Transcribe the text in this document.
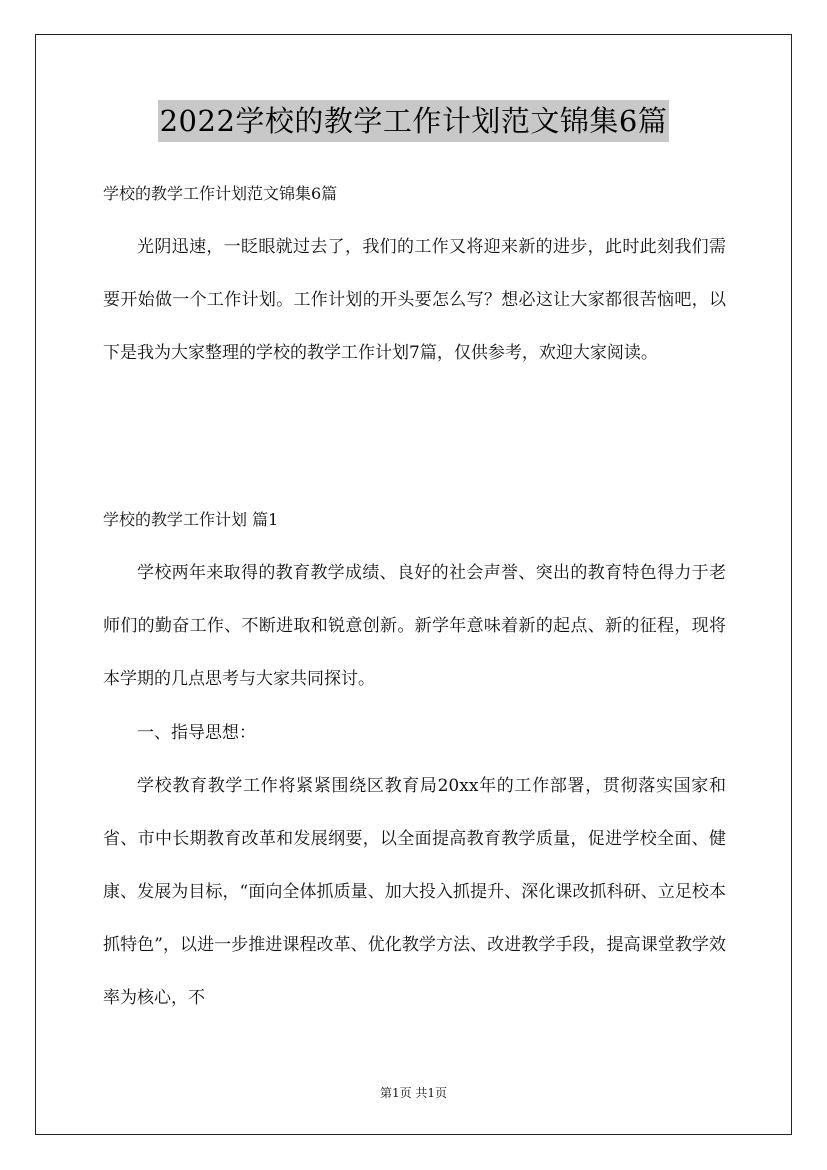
2022学校的教学工作计划范文锦集6篇
学校的教学工作计划范文锦集6篇

光阴迅速，一眨眼就过去了，我们的工作又将迎来新的进步，此时此刻我们需要开始做一个工作计划。工作计划的开头要怎么写？想必这让大家都很苦恼吧，以下是我为大家整理的学校的教学工作计划7篇，仅供参考，欢迎大家阅读。

学校的教学工作计划 篇1

学校两年来取得的教育教学成绩、良好的社会声誉、突出的教育特色得力于老师们的勤奋工作、不断进取和锐意创新。新学年意味着新的起点、新的征程，现将本学期的几点思考与大家共同探讨。

一、指导思想：

学校教育教学工作将紧紧围绕区教育局20xx年的工作部署，贯彻落实国家和省、市中长期教育改革和发展纲要，以全面提高教育教学质量，促进学校全面、健康、发展为目标，“面向全体抓质量、加大投入抓提升、深化课改抓科研、立足校本抓特色”，以进一步推进课程改革、优化教学方法、改进教学手段，提高课堂教学效率为核心，不

第1页 共1页
